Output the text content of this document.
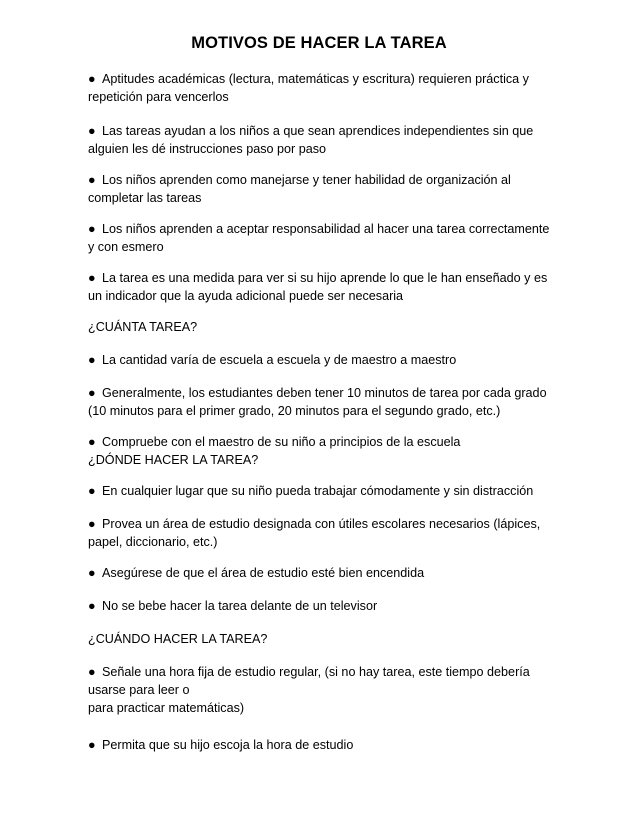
MOTIVOS DE HACER LA TAREA
● Aptitudes académicas (lectura, matemáticas y escritura) requieren práctica y
repetición para vencerlos
● Las tareas ayudan a los niños a que sean aprendices independientes sin que
alguien les dé instrucciones paso por paso
● Los niños aprenden como manejarse y tener habilidad de organización al
completar las tareas
● Los niños aprenden a aceptar responsabilidad al hacer una tarea correctamente
y con esmero
● La tarea es una medida para ver si su hijo aprende lo que le han enseñado y es
un indicador que la ayuda adicional puede ser necesaria
¿CUÁNTA TAREA?
● La cantidad varía de escuela a escuela y de maestro a maestro
● Generalmente, los estudiantes deben tener 10 minutos de tarea por cada grado
(10 minutos para el primer grado, 20 minutos para el segundo grado, etc.)
● Compruebe con el maestro de su niño a principios de la escuela
¿DÓNDE HACER LA TAREA?
● En cualquier lugar que su niño pueda trabajar cómodamente y sin distracción
● Provea un área de estudio designada con útiles escolares necesarios (lápices,
papel, diccionario, etc.)
● Asegúrese de que el área de estudio esté bien encendida
● No se bebe hacer la tarea delante de un televisor
¿CUÁNDO HACER LA TAREA?
● Señale una hora fija de estudio regular, (si no hay tarea, este tiempo debería
usarse para leer o
para practicar matemáticas)
● Permita que su hijo escoja la hora de estudio
